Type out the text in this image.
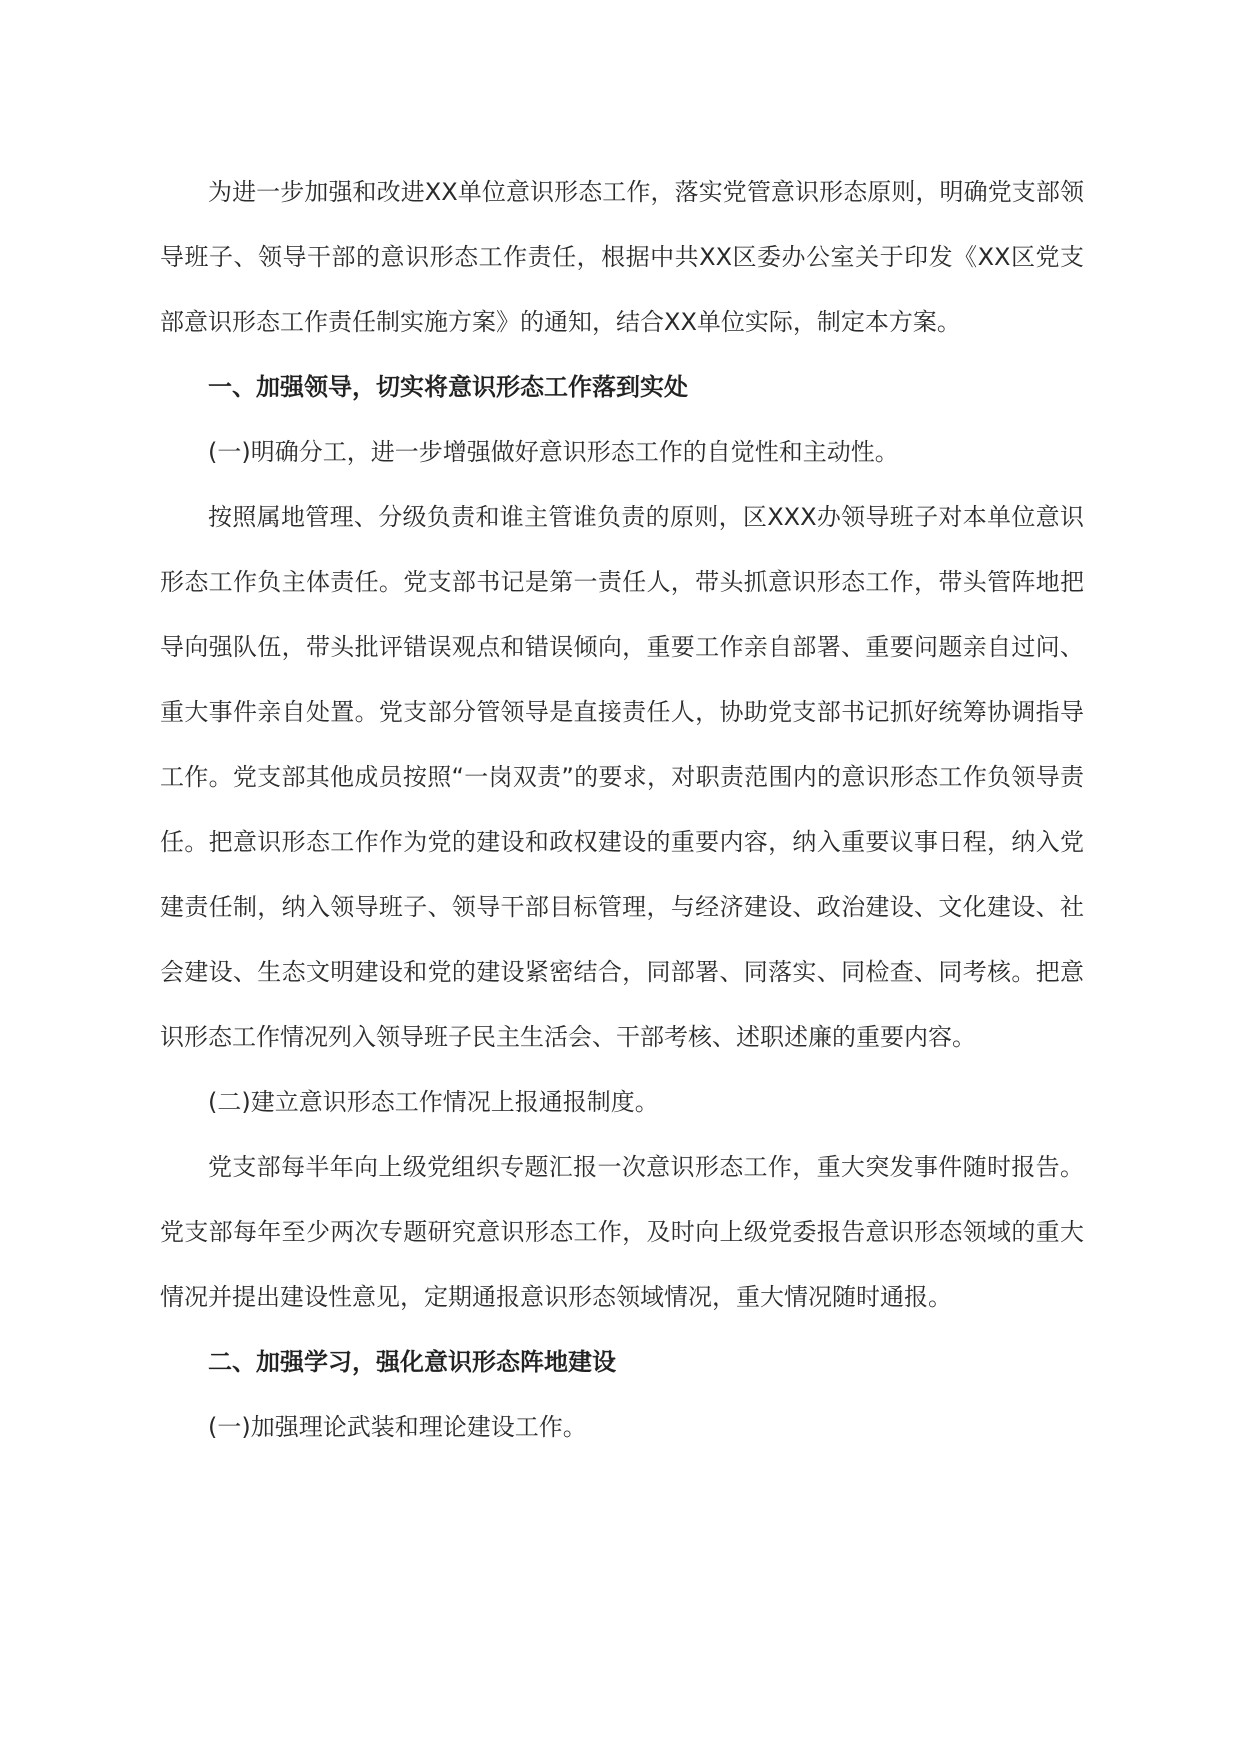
为进一步加强和改进XX单位意识形态工作，落实党管意识形态原则，明确党支部领导班子、领导干部的意识形态工作责任，根据中共XX区委办公室关于印发《XX区党支部意识形态工作责任制实施方案》的通知，结合XX单位实际，制定本方案。

一、加强领导，切实将意识形态工作落到实处

(一)明确分工，进一步增强做好意识形态工作的自觉性和主动性。

按照属地管理、分级负责和谁主管谁负责的原则，区XXX办领导班子对本单位意识形态工作负主体责任。党支部书记是第一责任人，带头抓意识形态工作，带头管阵地把导向强队伍，带头批评错误观点和错误倾向，重要工作亲自部署、重要问题亲自过问、重大事件亲自处置。党支部分管领导是直接责任人，协助党支部书记抓好统筹协调指导工作。党支部其他成员按照“一岗双责”的要求，对职责范围内的意识形态工作负领导责任。把意识形态工作作为党的建设和政权建设的重要内容，纳入重要议事日程，纳入党建责任制，纳入领导班子、领导干部目标管理，与经济建设、政治建设、文化建设、社会建设、生态文明建设和党的建设紧密结合，同部署、同落实、同检查、同考核。把意识形态工作情况列入领导班子民主生活会、干部考核、述职述廉的重要内容。

(二)建立意识形态工作情况上报通报制度。

党支部每半年向上级党组织专题汇报一次意识形态工作，重大突发事件随时报告。党支部每年至少两次专题研究意识形态工作，及时向上级党委报告意识形态领域的重大情况并提出建设性意见，定期通报意识形态领域情况，重大情况随时通报。

二、加强学习，强化意识形态阵地建设

(一)加强理论武装和理论建设工作。
